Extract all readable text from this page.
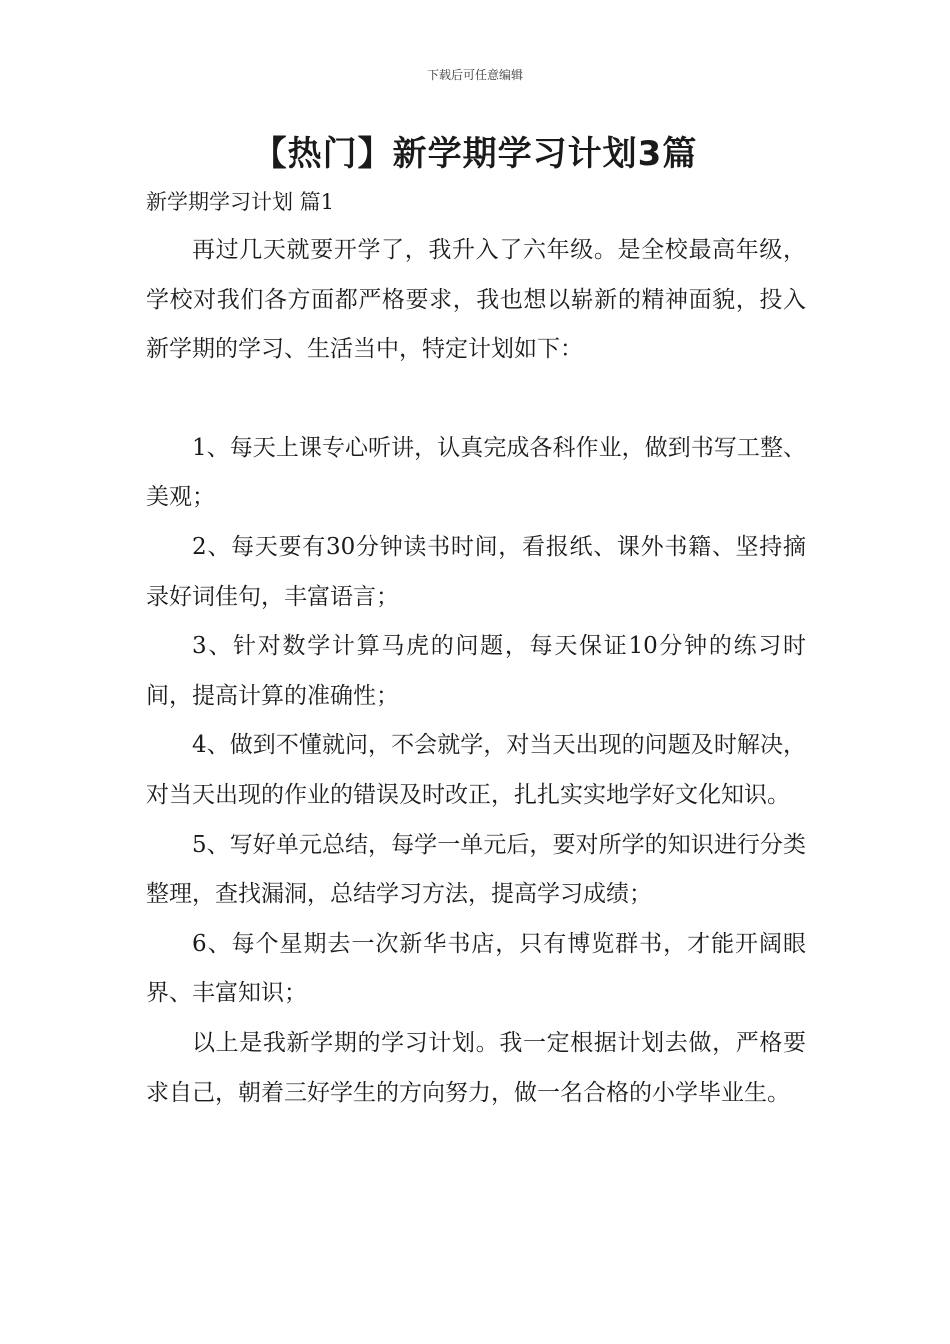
下载后可任意编辑
【热门】新学期学习计划3篇

新学期学习计划 篇1

再过几天就要开学了，我升入了六年级。是全校最高年级，学校对我们各方面都严格要求，我也想以崭新的精神面貌，投入新学期的学习、生活当中，特定计划如下：

1、每天上课专心听讲，认真完成各科作业，做到书写工整、美观；

2、每天要有30分钟读书时间，看报纸、课外书籍、坚持摘录好词佳句，丰富语言；

3、针对数学计算马虎的问题，每天保证10分钟的练习时间，提高计算的准确性；

4、做到不懂就问，不会就学，对当天出现的问题及时解决，对当天出现的作业的错误及时改正，扎扎实实地学好文化知识。

5、写好单元总结，每学一单元后，要对所学的知识进行分类整理，查找漏洞，总结学习方法，提高学习成绩；

6、每个星期去一次新华书店，只有博览群书，才能开阔眼界、丰富知识；

以上是我新学期的学习计划。我一定根据计划去做，严格要求自己，朝着三好学生的方向努力，做一名合格的小学毕业生。
